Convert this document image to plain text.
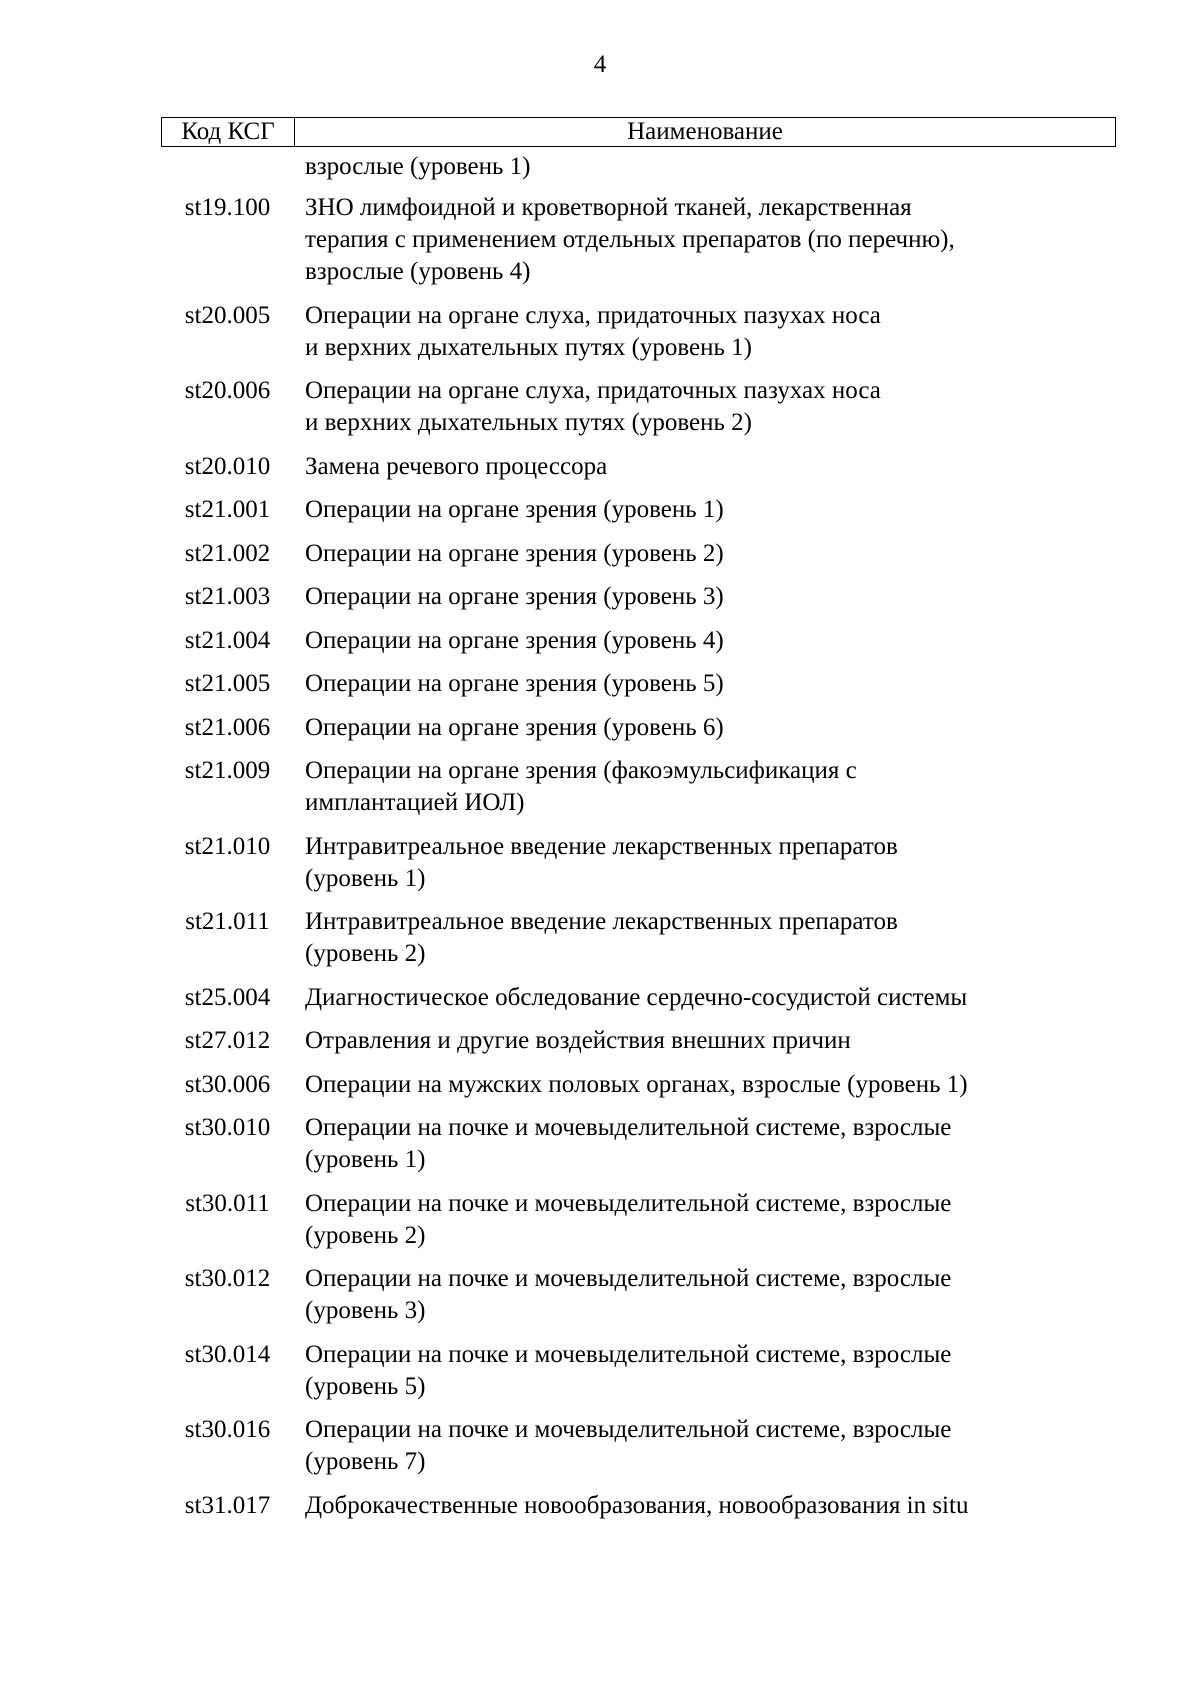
4
Код КСГ	Наименование
взрослые (уровень 1)
st19.100	ЗНО лимфоидной и кроветворной тканей, лекарственная
терапия с применением отдельных препаратов (по перечню),
взрослые (уровень 4)
st20.005	Операции на органе слуха, придаточных пазухах носа
и верхних дыхательных путях (уровень 1)
st20.006	Операции на органе слуха, придаточных пазухах носа
и верхних дыхательных путях (уровень 2)
st20.010	Замена речевого процессора
st21.001	Операции на органе зрения (уровень 1)
st21.002	Операции на органе зрения (уровень 2)
st21.003	Операции на органе зрения (уровень 3)
st21.004	Операции на органе зрения (уровень 4)
st21.005	Операции на органе зрения (уровень 5)
st21.006	Операции на органе зрения (уровень 6)
st21.009	Операции на органе зрения (факоэмульсификация с
имплантацией ИОЛ)
st21.010	Интравитреальное введение лекарственных препаратов
(уровень 1)
st21.011	Интравитреальное введение лекарственных препаратов
(уровень 2)
st25.004	Диагностическое обследование сердечно-сосудистой системы
st27.012	Отравления и другие воздействия внешних причин
st30.006	Операции на мужских половых органах, взрослые (уровень 1)
st30.010	Операции на почке и мочевыделительной системе, взрослые
(уровень 1)
st30.011	Операции на почке и мочевыделительной системе, взрослые
(уровень 2)
st30.012	Операции на почке и мочевыделительной системе, взрослые
(уровень 3)
st30.014	Операции на почке и мочевыделительной системе, взрослые
(уровень 5)
st30.016	Операции на почке и мочевыделительной системе, взрослые
(уровень 7)
st31.017	Доброкачественные новообразования, новообразования in situ
